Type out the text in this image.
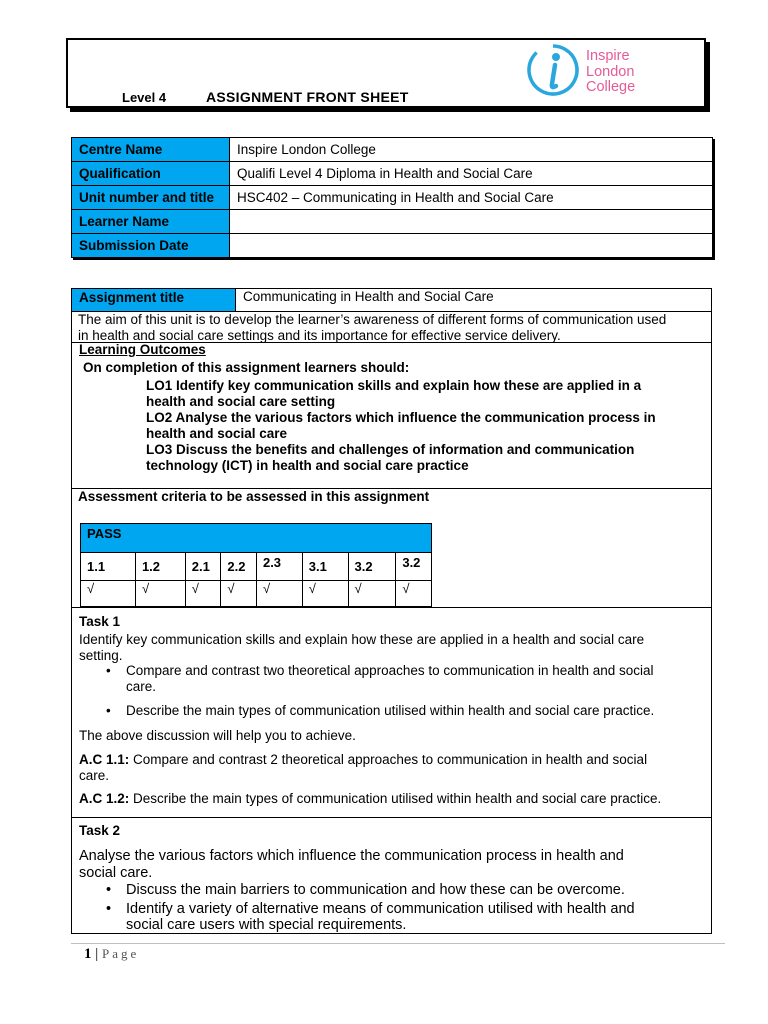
Level 4	ASSIGNMENT FRONT SHEET
Inspire
London
College
Centre Name	Inspire London College
Qualification	Qualifi Level 4 Diploma in Health and Social Care
Unit number and title	HSC402 – Communicating in Health and Social Care
Learner Name	
Submission Date	
Assignment title	Communicating in Health and Social Care
The aim of this unit is to develop the learner’s awareness of different forms of communication used
in health and social care settings and its importance for effective service delivery.
Learning Outcomes
On completion of this assignment learners should:
LO1 Identify key communication skills and explain how these are applied in a
health and social care setting
LO2 Analyse the various factors which influence the communication process in
health and social care
LO3 Discuss the benefits and challenges of information and communication
technology (ICT) in health and social care practice
Assessment criteria to be assessed in this assignment
PASS							
1.1	1.2	2.1	2.2	2.3	3.1	3.2	3.2
√	√	√	√	√	√	√	√
Task 1
Identify key communication skills and explain how these are applied in a health and social care
setting.
• Compare and contrast two theoretical approaches to communication in health and social
care.
• Describe the main types of communication utilised within health and social care practice.
The above discussion will help you to achieve.
A.C 1.1: Compare and contrast 2 theoretical approaches to communication in health and social
care.
A.C 1.2: Describe the main types of communication utilised within health and social care practice.
Task 2
Analyse the various factors which influence the communication process in health and
social care.
• Discuss the main barriers to communication and how these can be overcome.
• Identify a variety of alternative means of communication utilised with health and
social care users with special requirements.
1 | Page
